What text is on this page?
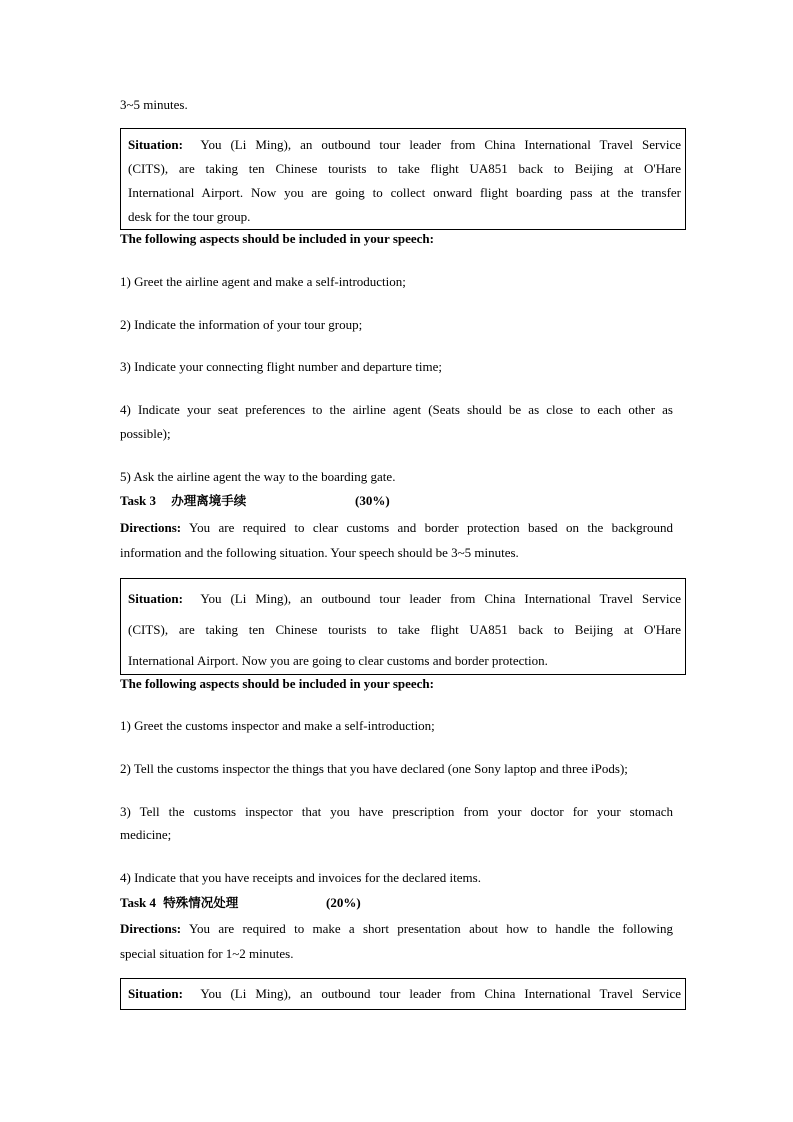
3~5 minutes.
Situation: You (Li Ming), an outbound tour leader from China International Travel Service
(CITS), are taking ten Chinese tourists to take flight UA851 back to Beijing at O'Hare
International Airport. Now you are going to collect onward flight boarding pass at the transfer
desk for the tour group.
The following aspects should be included in your speech:
1) Greet the airline agent and make a self-introduction;
2) Indicate the information of your tour group;
3) Indicate your connecting flight number and departure time;
4) Indicate your seat preferences to the airline agent (Seats should be as close to each other as
possible);
5) Ask the airline agent the way to the boarding gate.
Task 3 办理离境手续	(30%)
Directions: You are required to clear customs and border protection based on the background
information and the following situation. Your speech should be 3~5 minutes.
Situation: You (Li Ming), an outbound tour leader from China International Travel Service
(CITS), are taking ten Chinese tourists to take flight UA851 back to Beijing at O'Hare
International Airport. Now you are going to clear customs and border protection.
The following aspects should be included in your speech:
1) Greet the customs inspector and make a self-introduction;
2) Tell the customs inspector the things that you have declared (one Sony laptop and three iPods);
3) Tell the customs inspector that you have prescription from your doctor for your stomach
medicine;
4) Indicate that you have receipts and invoices for the declared items.
Task 4 特殊情况处理	(20%)
Directions: You are required to make a short presentation about how to handle the following
special situation for 1~2 minutes.
Situation: You (Li Ming), an outbound tour leader from China International Travel Service
